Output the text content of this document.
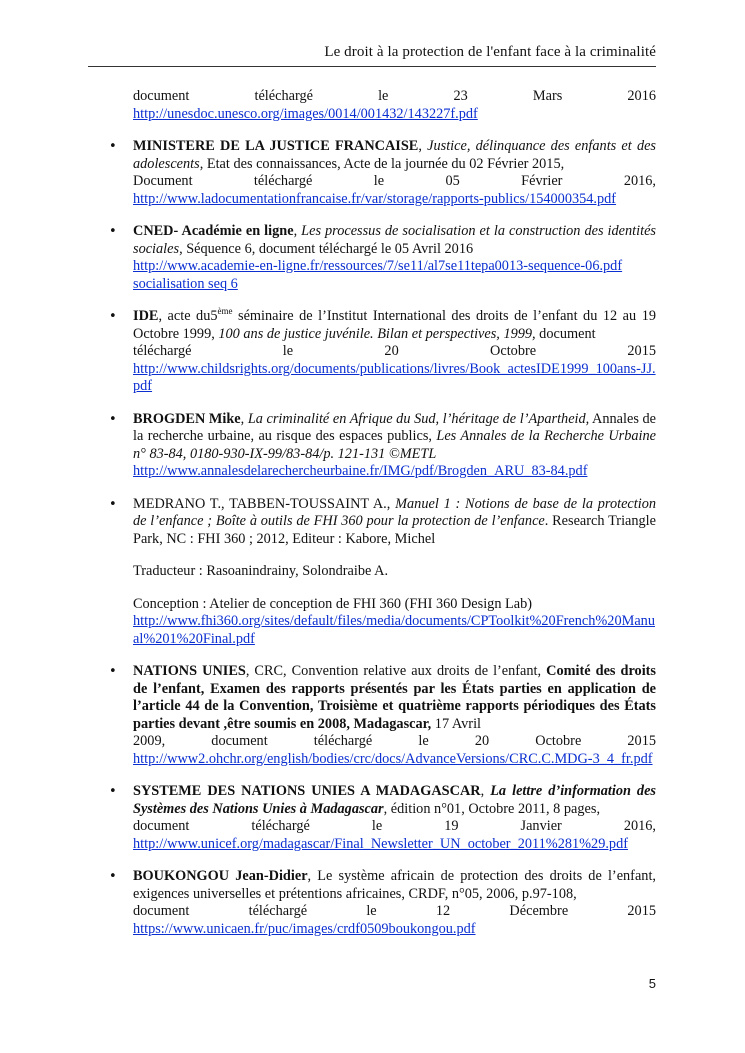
Le droit à la protection de l'enfant face à la criminalité
document téléchargé le 23 Mars 2016
http://unesdoc.unesco.org/images/0014/001432/143227f.pdf

• MINISTERE DE LA JUSTICE FRANCAISE, Justice, délinquance des enfants et des adolescents, Etat des connaissances, Acte de la journée du 02 Février 2015,

Document téléchargé le 05 Février 2016,
http://www.ladocumentationfrancaise.fr/var/storage/rapports-publics/154000354.pdf

• CNED- Académie en ligne, Les processus de socialisation et la construction des identités sociales, Séquence 6, document téléchargé le 05 Avril 2016

http://www.academie-en-ligne.fr/ressources/7/se11/al7se11tepa0013-sequence-06.pdf
socialisation seq 6

• IDE, acte du5ème séminaire de l’Institut International des droits de l’enfant du 12 au 19 Octobre 1999, 100 ans de justice juvénile. Bilan et perspectives, 1999, document

téléchargé le 20 Octobre 2015
http://www.childsrights.org/documents/publications/livres/Book_actesIDE1999_100ans-JJ.pdf

• BROGDEN Mike, La criminalité en Afrique du Sud, l’héritage de l’Apartheid, Annales de la recherche urbaine, au risque des espaces publics, Les Annales de la Recherche Urbaine n° 83-84, 0180-930-IX-99/83-84/p. 121-131 ©METL

http://www.annalesdelarechercheurbaine.fr/IMG/pdf/Brogden_ARU_83-84.pdf

• MEDRANO T., TABBEN-TOUSSAINT A., Manuel 1 : Notions de base de la protection de l’enfance ; Boîte à outils de FHI 360 pour la protection de l’enfance. Research Triangle Park, NC : FHI 360 ; 2012, Editeur : Kabore, Michel

Traducteur : Rasoanindrainy, Solondraibe A.

Conception : Atelier de conception de FHI 360 (FHI 360 Design Lab)

http://www.fhi360.org/sites/default/files/media/documents/CPToolkit%20French%20Manual%201%20Final.pdf

• NATIONS UNIES, CRC, Convention relative aux droits de l’enfant, Comité des droits de l’enfant, Examen des rapports présentés par les États parties en application de l’article 44 de la Convention, Troisième et quatrième rapports périodiques des États parties devant ,être soumis en 2008, Madagascar, 17 Avril

2009, document téléchargé le 20 Octobre 2015
http://www2.ohchr.org/english/bodies/crc/docs/AdvanceVersions/CRC.C.MDG-3_4_fr.pdf

• SYSTEME DES NATIONS UNIES A MADAGASCAR, La lettre d’information des Systèmes des Nations Unies à Madagascar, édition n°01, Octobre 2011, 8 pages,

document téléchargé le 19 Janvier 2016,
http://www.unicef.org/madagascar/Final_Newsletter_UN_october_2011%281%29.pdf

• BOUKONGOU Jean-Didier, Le système africain de protection des droits de l’enfant, exigences universelles et prétentions africaines, CRDF, n°05, 2006, p.97-108,

document téléchargé le 12 Décembre 2015
https://www.unicaen.fr/puc/images/crdf0509boukongou.pdf
5
